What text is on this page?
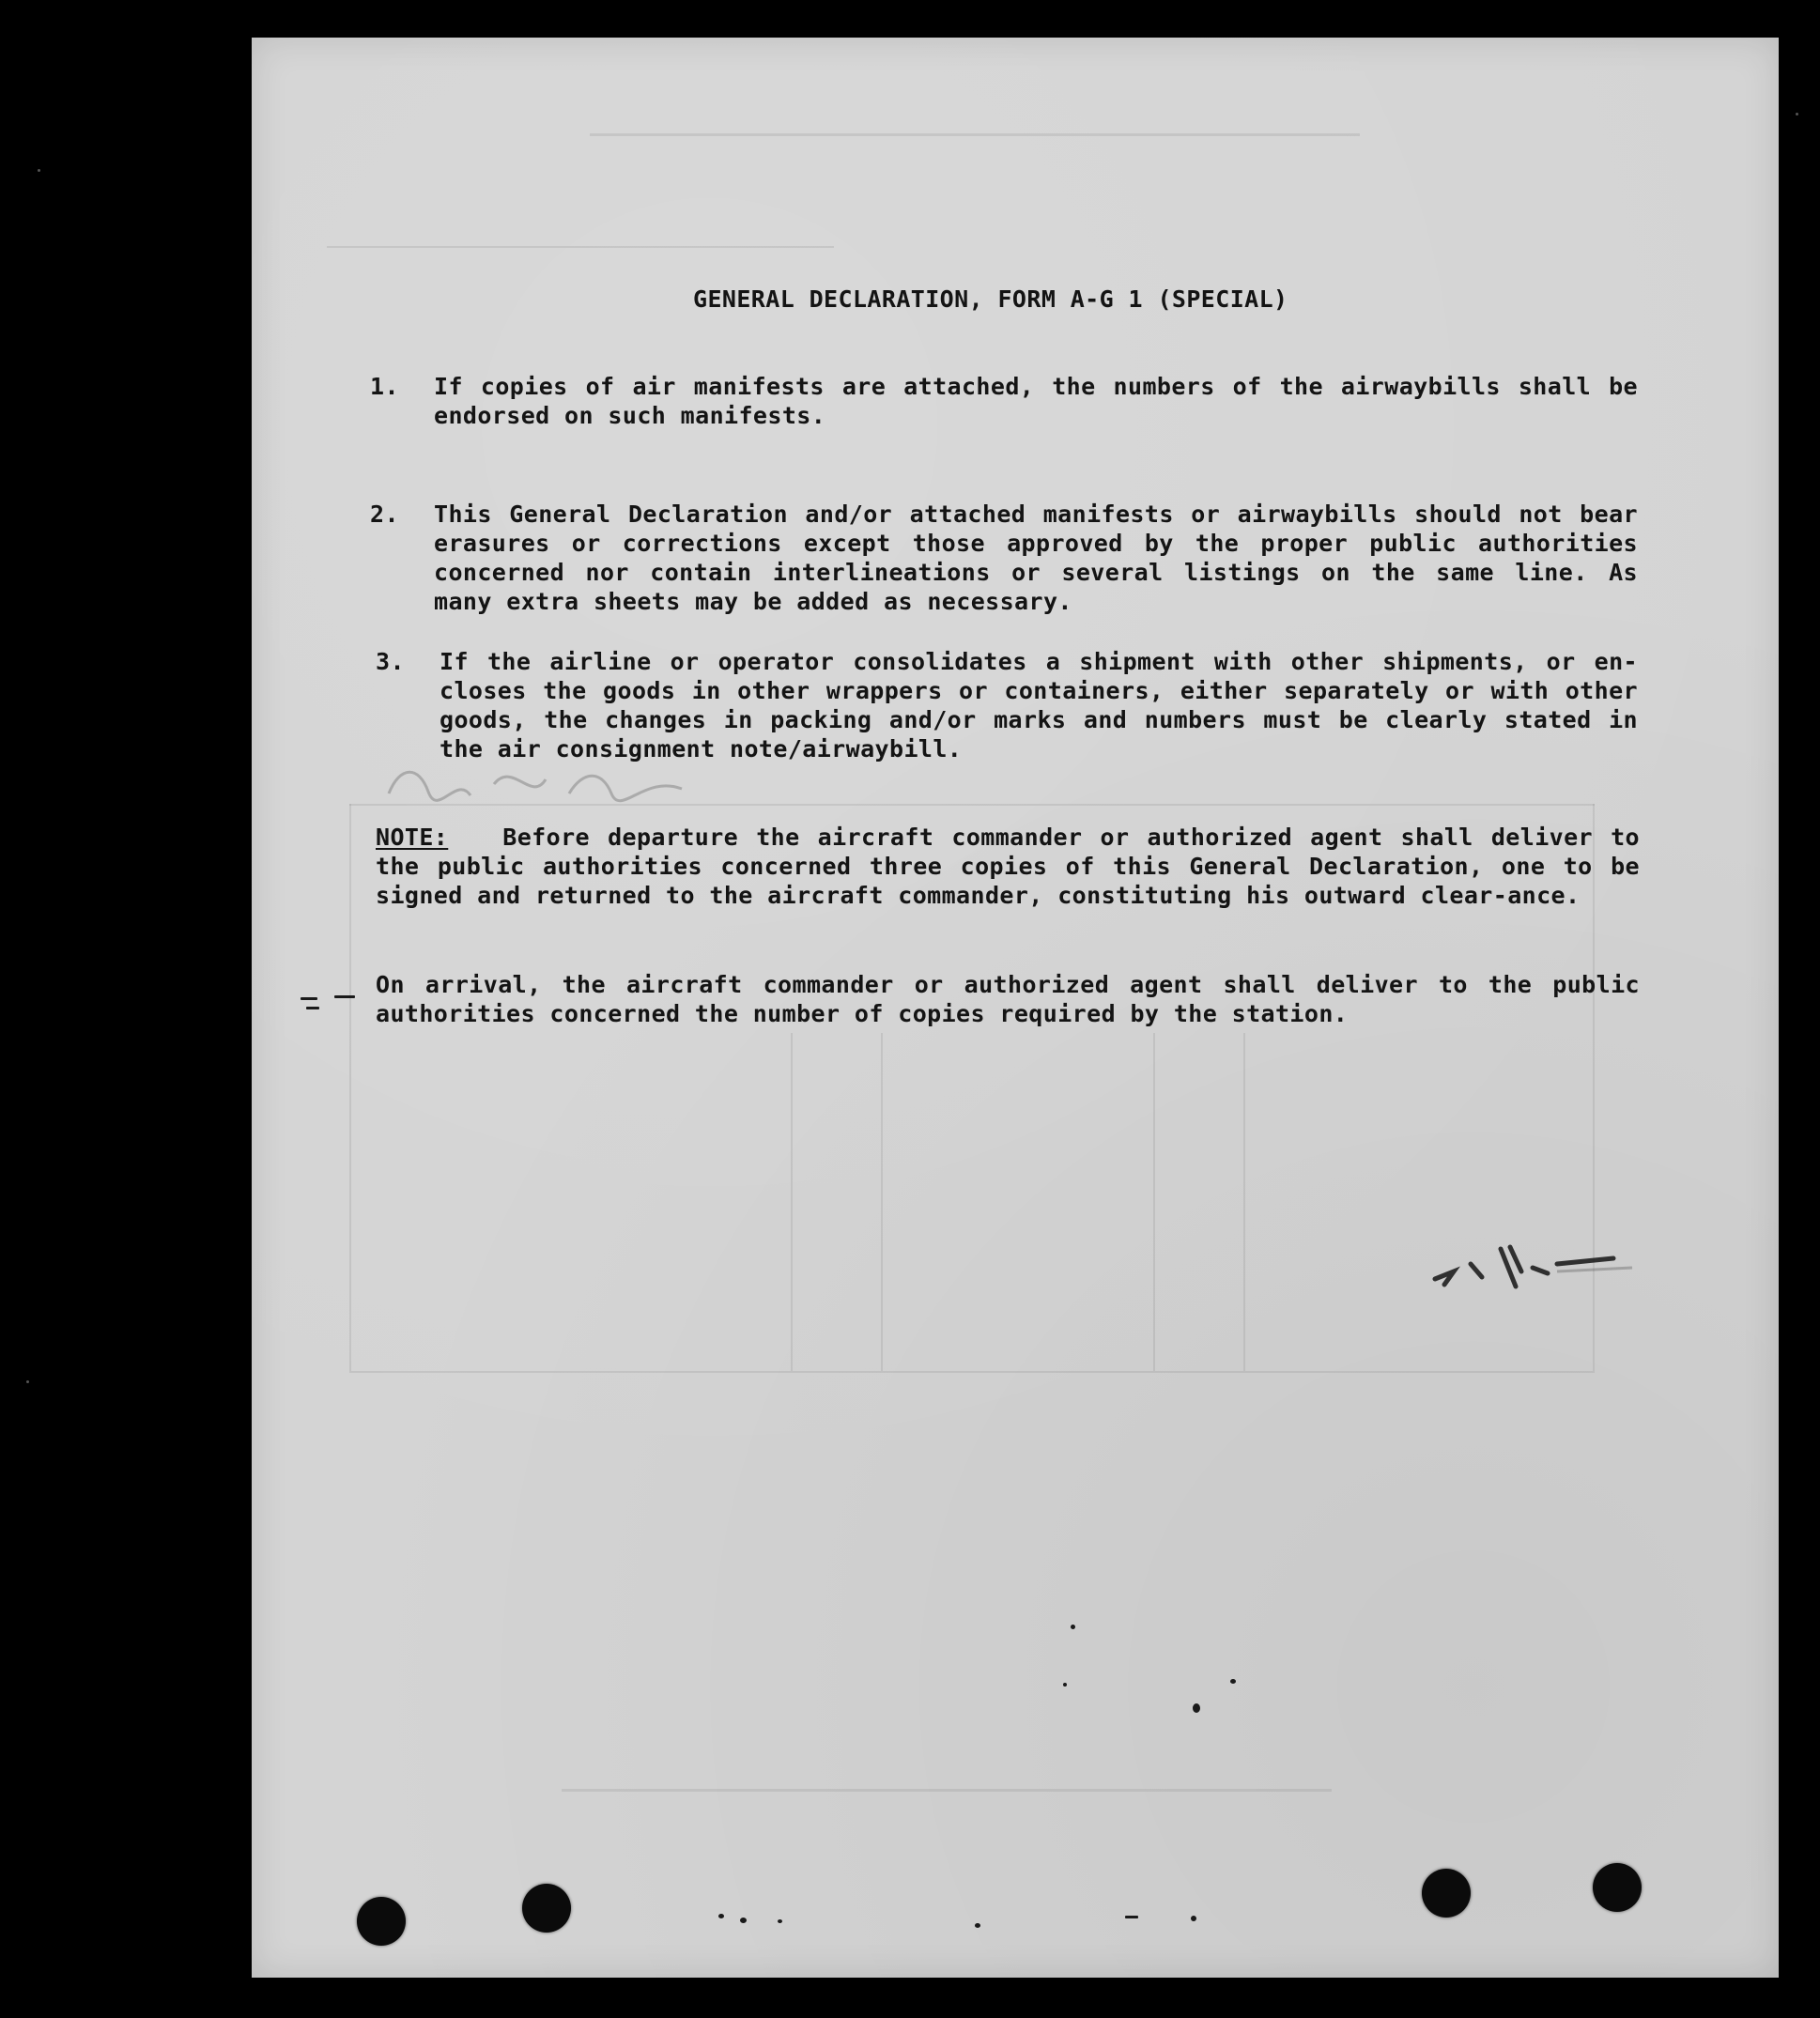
GENERAL DECLARATION, FORM A-G 1 (SPECIAL)
1. If copies of air manifests are attached, the numbers of the airwaybills shall be endorsed on such manifests.
2. This General Declaration and/or attached manifests or airwaybills should not bear erasures or corrections except those approved by the proper public authorities concerned nor contain interlineations or several listings on the same line. As many extra sheets may be added as necessary.
3. If the airline or operator consolidates a shipment with other shipments, or en-closes the goods in other wrappers or containers, either separately or with other goods, the changes in packing and/or marks and numbers must be clearly stated in the air consignment note/airwaybill.
NOTE: Before departure the aircraft commander or authorized agent shall deliver to the public authorities concerned three copies of this General Declaration, one to be signed and returned to the aircraft commander, constituting his outward clear-ance.
On arrival, the aircraft commander or authorized agent shall deliver to the public authorities concerned the number of copies required by the station.
